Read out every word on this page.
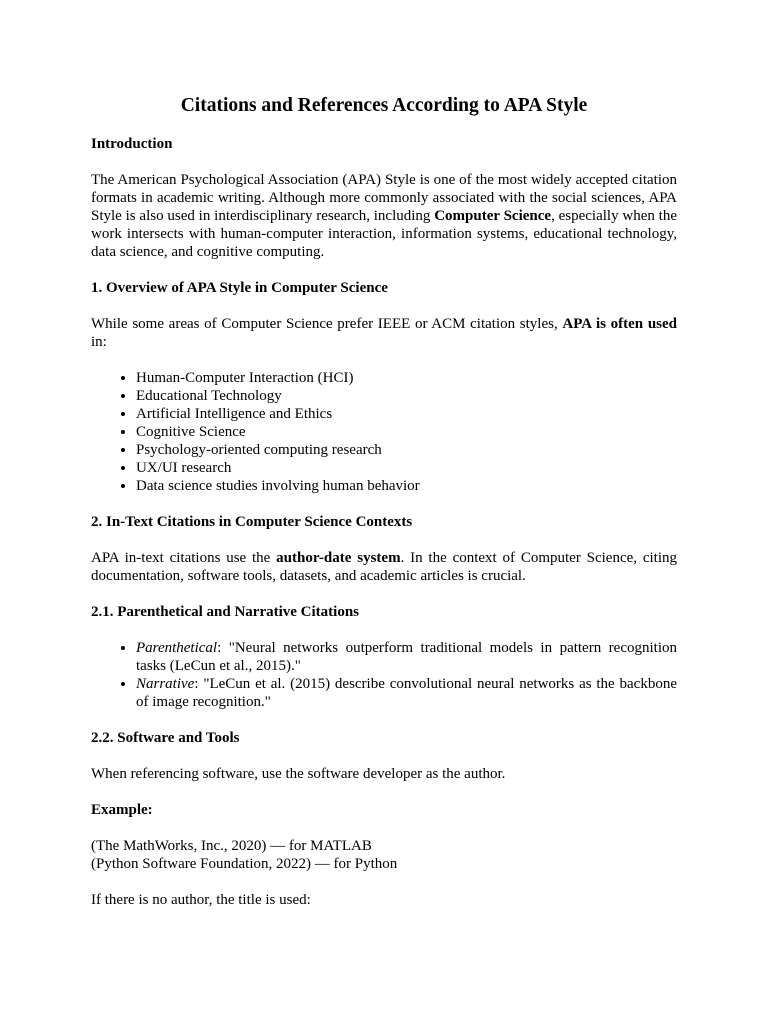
Citations and References According to APA Style
Introduction

The American Psychological Association (APA) Style is one of the most widely accepted citation formats in academic writing. Although more commonly associated with the social sciences, APA Style is also used in interdisciplinary research, including Computer Science, especially when the work intersects with human-computer interaction, information systems, educational technology, data science, and cognitive computing.

1. Overview of APA Style in Computer Science

While some areas of Computer Science prefer IEEE or ACM citation styles, APA is often used in:

• Human-Computer Interaction (HCI)
• Educational Technology
• Artificial Intelligence and Ethics
• Cognitive Science
• Psychology-oriented computing research
• UX/UI research
• Data science studies involving human behavior
2. In-Text Citations in Computer Science Contexts

APA in-text citations use the author-date system. In the context of Computer Science, citing documentation, software tools, datasets, and academic articles is crucial.

2.1. Parenthetical and Narrative Citations
• Parenthetical: "Neural networks outperform traditional models in pattern recognition tasks (LeCun et al., 2015)."
• Narrative: "LeCun et al. (2015) describe convolutional neural networks as the backbone of image recognition."
2.2. Software and Tools

When referencing software, use the software developer as the author.

Example:

(The MathWorks, Inc., 2020) — for MATLAB

(Python Software Foundation, 2022) — for Python

If there is no author, the title is used:
